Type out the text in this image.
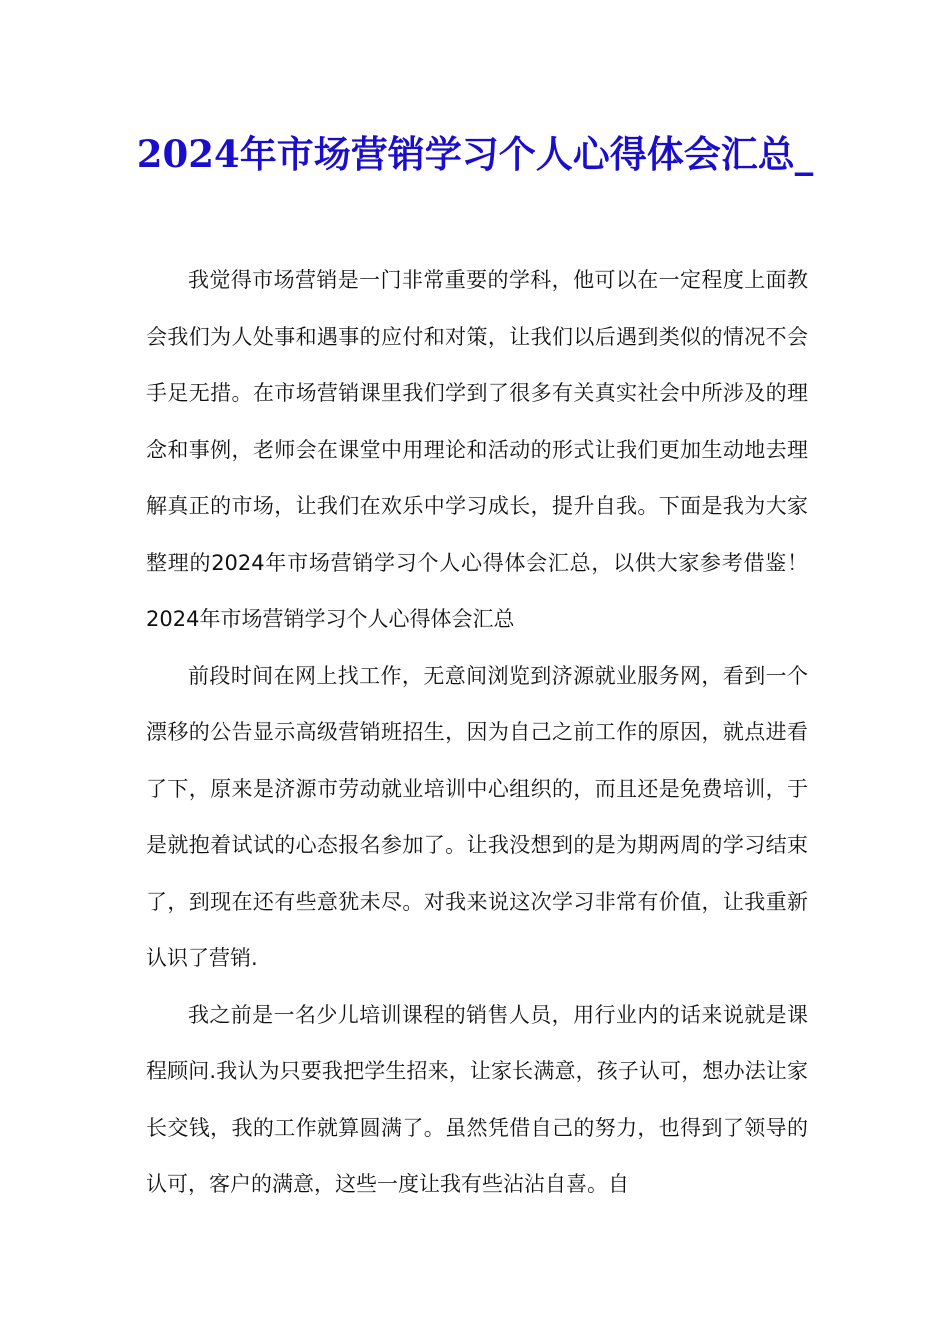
2024年市场营销学习个人心得体会汇总_

我觉得市场营销是一门非常重要的学科，他可以在一定程度上面教会我们为人处事和遇事的应付和对策，让我们以后遇到类似的情况不会手足无措。在市场营销课里我们学到了很多有关真实社会中所涉及的理念和事例，老师会在课堂中用理论和活动的形式让我们更加生动地去理解真正的市场，让我们在欢乐中学习成长，提升自我。下面是我为大家整理的2024年市场营销学习个人心得体会汇总，以供大家参考借鉴！2024年市场营销学习个人心得体会汇总

前段时间在网上找工作，无意间浏览到济源就业服务网，看到一个漂移的公告显示高级营销班招生，因为自己之前工作的原因，就点进看了下，原来是济源市劳动就业培训中心组织的，而且还是免费培训，于是就抱着试试的心态报名参加了。让我没想到的是为期两周的学习结束了，到现在还有些意犹未尽。对我来说这次学习非常有价值，让我重新认识了营销.

我之前是一名少儿培训课程的销售人员，用行业内的话来说就是课程顾问.我认为只要我把学生招来，让家长满意，孩子认可，想办法让家长交钱，我的工作就算圆满了。虽然凭借自己的努力，也得到了领导的认可，客户的满意，这些一度让我有些沾沾自喜。自
